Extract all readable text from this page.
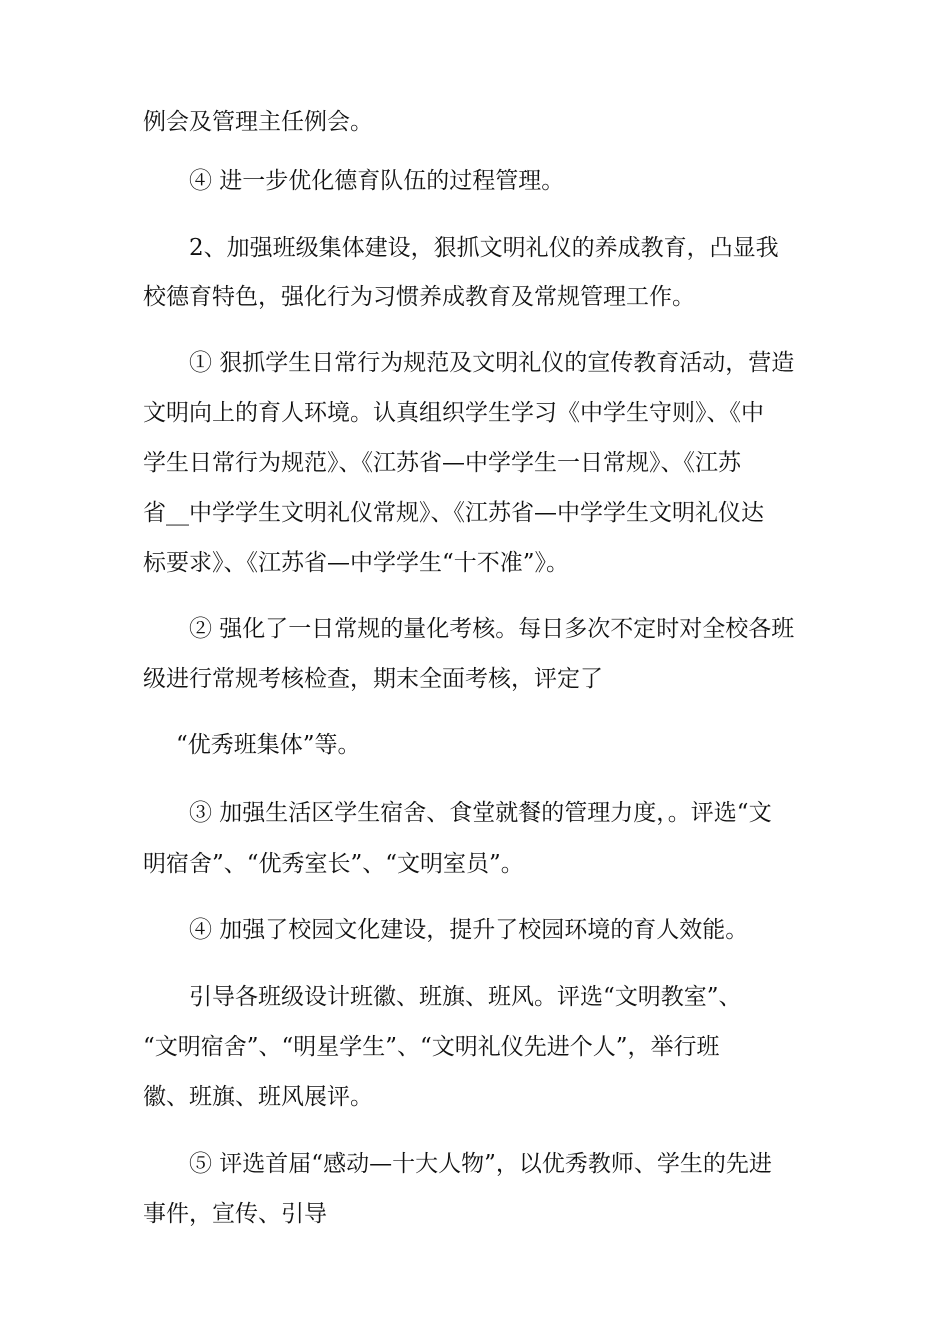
例会及管理主任例会。
④ 进一步优化德育队伍的过程管理。
2、加强班级集体建设，狠抓文明礼仪的养成教育，凸显我
校德育特色，强化行为习惯养成教育及常规管理工作。
① 狠抓学生日常行为规范及文明礼仪的宣传教育活动，营造
文明向上的育人环境。认真组织学生学习《中学生守则》、《中
学生日常行为规范》、《江苏省—中学学生一日常规》、《江苏
省__中学学生文明礼仪常规》、《江苏省—中学学生文明礼仪达
标要求》、《江苏省—中学学生“十不准”》。
② 强化了一日常规的量化考核。每日多次不定时对全校各班
级进行常规考核检查，期末全面考核，评定了
“优秀班集体”等。
③ 加强生活区学生宿舍、食堂就餐的管理力度，。评选“文
明宿舍”、“优秀室长”、“文明室员”。
④ 加强了校园文化建设，提升了校园环境的育人效能。
引导各班级设计班徽、班旗、班风。评选“文明教室”、
“文明宿舍”、“明星学生”、“文明礼仪先进个人”，举行班
徽、班旗、班风展评。
⑤ 评选首届“感动—十大人物”，以优秀教师、学生的先进
事件，宣传、引导
